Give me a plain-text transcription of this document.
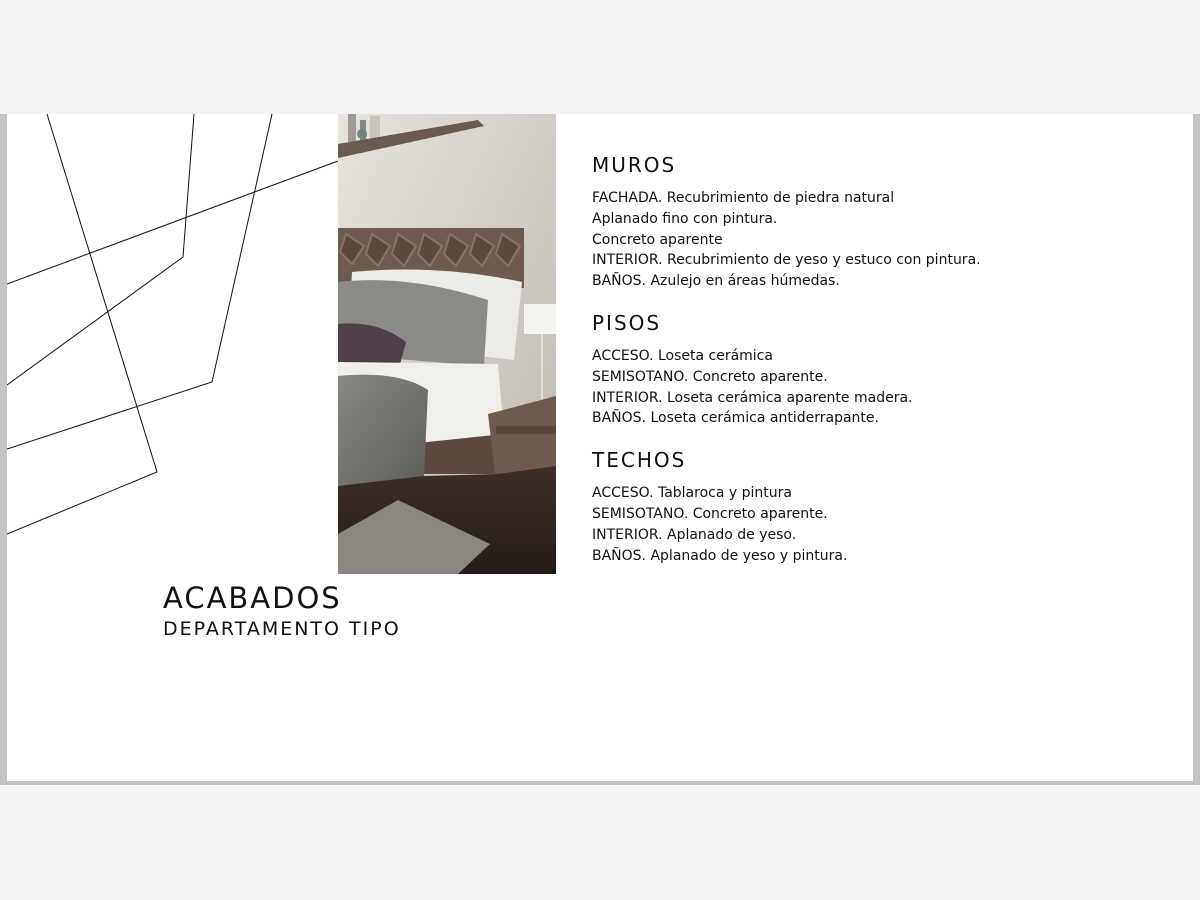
ACABADOS
DEPARTAMENTO TIPO
MUROS
FACHADA. Recubrimiento de piedra natural
Aplanado fino con pintura.
Concreto aparente
INTERIOR. Recubrimiento de yeso y estuco con pintura.
BAÑOS. Azulejo en áreas húmedas.
PISOS
ACCESO. Loseta cerámica
SEMISOTANO. Concreto aparente.
INTERIOR. Loseta cerámica aparente madera.
BAÑOS. Loseta cerámica antiderrapante.
TECHOS
ACCESO. Tablaroca y pintura
SEMISOTANO. Concreto aparente.
INTERIOR. Aplanado de yeso.
BAÑOS. Aplanado de yeso y pintura.
